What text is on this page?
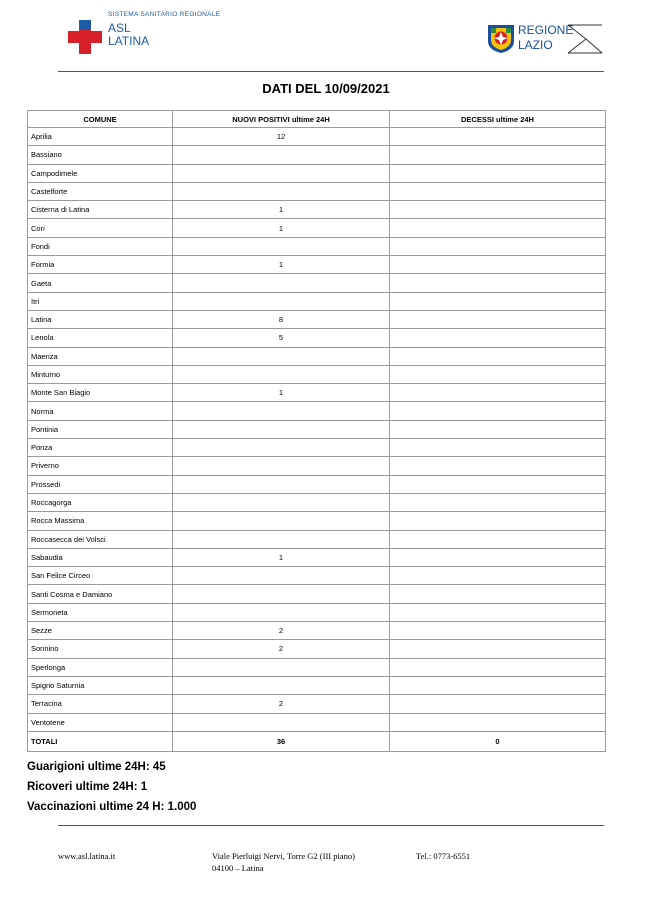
SISTEMA SANITARIO REGIONALE
ASL
LATINA
REGIONE
LAZIO
DATI DEL 10/09/2021
COMUNE	NUOVI POSITIVI ultime 24H	DECESSI ultime 24H
Aprilia	12	
Bassiano		
Campodimele		
Castelforte		
Cisterna di Latina	1	
Cori	1	
Fondi		
Formia	1	
Gaeta		
Itri		
Latina	8	
Lenola	5	
Maenza		
Minturno		
Monte San Biagio	1	
Norma		
Pontinia		
Ponza		
Priverno		
Prossedi		
Roccagorga		
Rocca Massima		
Roccasecca dei Volsci		
Sabaudia	1	
San Felice Circeo		
Santi Cosma e Damiano		
Sermoneta		
Sezze	2	
Sonnino	2	
Sperlonga		
Spigno Saturnia		
Terracina	2	
Ventotene		
TOTALI	36	0
Guarigioni ultime 24H: 45
Ricoveri ultime 24H: 1
Vaccinazioni ultime 24 H: 1.000
www.asl.latina.it	Viale Pierluigi Nervi, Torre G2 (III piano)
04100 – Latina
Tel.: 0773-6551
